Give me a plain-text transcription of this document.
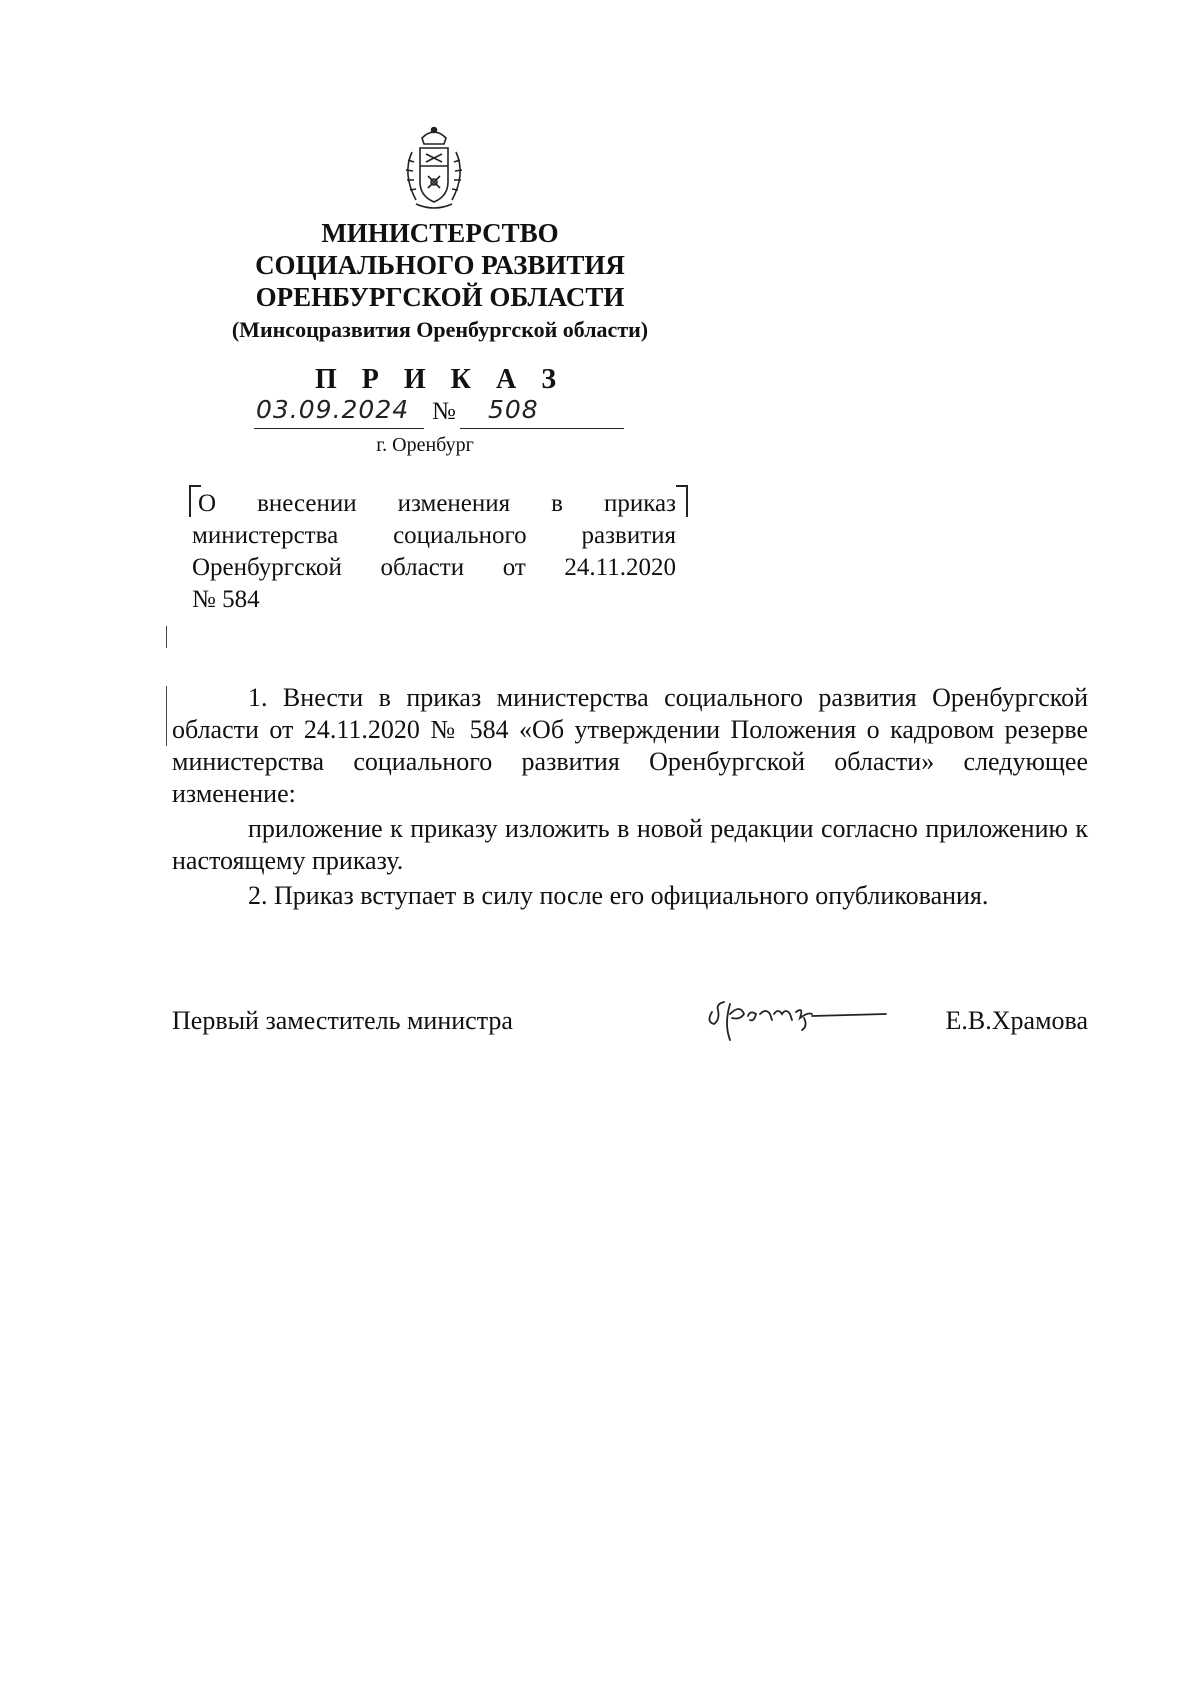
МИНИСТЕРСТВО
СОЦИАЛЬНОГО РАЗВИТИЯ
ОРЕНБУРГСКОЙ ОБЛАСТИ
(Минсоцразвития Оренбургской области)
П Р И К А З
03.09.2024 № 508
г. Оренбург
О внесении изменения в приказ
министерства социального развития
Оренбургской области от 24.11.2020
№ 584
1. Внести в приказ министерства социального развития Оренбургской области от 24.11.2020 № 584 «Об утверждении Положения о кадровом резерве министерства социального развития Оренбургской области» следующее изменение:
приложение к приказу изложить в новой редакции согласно приложению к настоящему приказу.
2. Приказ вступает в силу после его официального опубликования.
Первый заместитель министра	Е.В.Храмова
